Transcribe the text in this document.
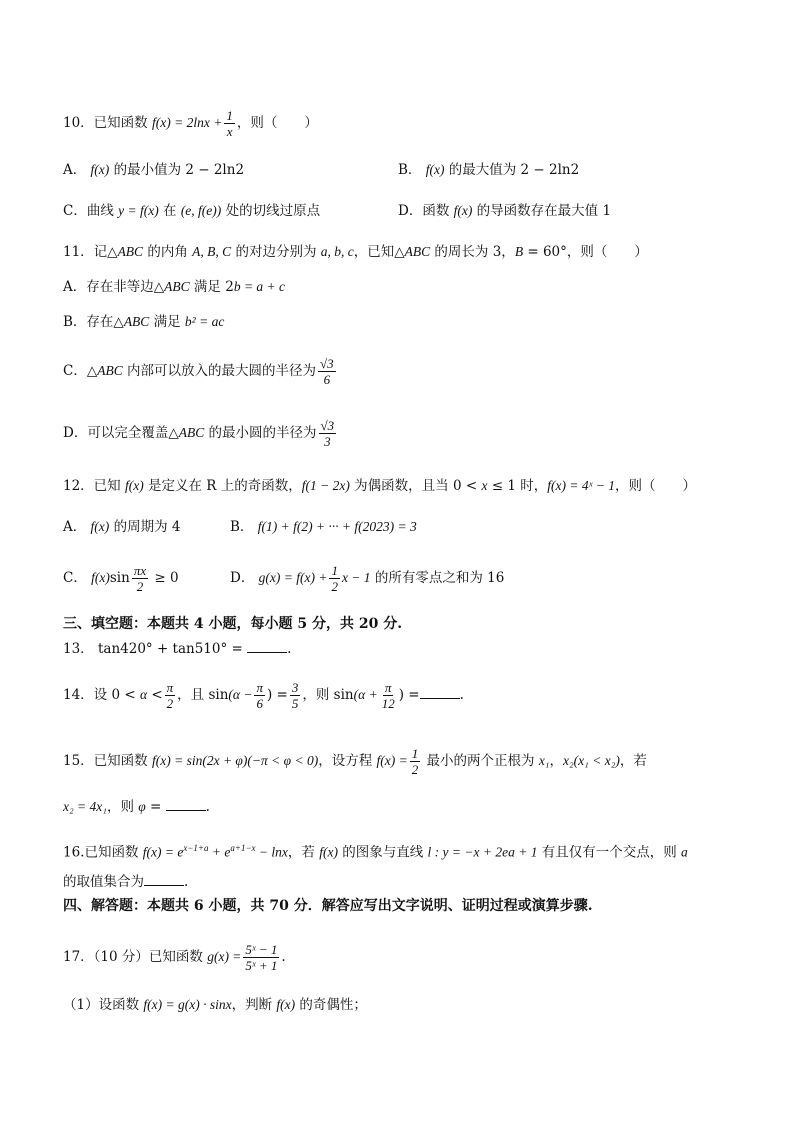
10．已知函数 $f(x) = 2\ln x + \frac{1}{x}$ ，则（　　）
A． f(x) 的最小值为 2 − 2ln2	B． f(x) 的最大值为 2 − 2ln2
C．曲线 y = f(x) 在 (e, f(e)) 处的切线过原点	D．函数 f(x) 的导函数存在最大值 1
11．记△ABC 的内角 A, B, C 的对边分别为 a, b, c，已知△ABC 的周长为 3，B = 60°，则（　　）
A．存在非等边△ABC 满足 2b = a + c
B．存在△ABC 满足 b² = ac
C．△ABC 内部可以放入的最大圆的半径为 $\frac{√3}{6}$
D．可以完全覆盖△ABC 的最小圆的半径为 $\frac{√3}{3}$
12．已知 f(x) 是定义在 R 上的奇函数，f(1 − 2x) 为偶函数，且当 0 < x ≤ 1 时，f(x) = 4ˣ − 1，则（　　）
A． f(x) 的周期为 4	B． f(1) + f(2) + ··· + f(2023) = 3
C． $f(x)\sin \frac{\pi x}{2} \ge 0$	D． $g(x) = f(x) + \frac{1}{2}$ x − 1 的所有零点之和为 16
三、填空题：本题共 4 小题，每小题 5 分，共 20 分.
13． tan420° + tan510° =	.
14．设 $0 < \alpha < \frac{\pi}{2}$ ，且 $\sin(\alpha - \frac{\pi}{6}$ ) = $\frac{3}{5}$ ，则 $\sin(\alpha + \frac{\pi}{12}$ ) =	.
15．已知函数 f(x) = sin(2x + φ)(−π < φ < 0)，设方程 $f(x) = \frac{1}{2}$ 最小的两个正根为 x₁，x₂(x₁ < x₂)，若
x₂ = 4x₁，则 φ =	.
16.已知函数 $f(x) = e^{x-1+a} + e^{a+1-x} - \ln x$，若 f(x) 的图象与直线 l : y = −x + 2ea + 1 有且仅有一个交点，则 a
的取值集合为	.
四、解答题：本题共 6 小题，共 70 分．解答应写出文字说明、证明过程或演算步骤.
17．（10 分）已知函数 $g(x) = \frac{\text{5ˣ − 1}}{\text{5ˣ + 1}}$ .
（1）设函数 f(x) = g(x) · sinx，判断 f(x) 的奇偶性；
